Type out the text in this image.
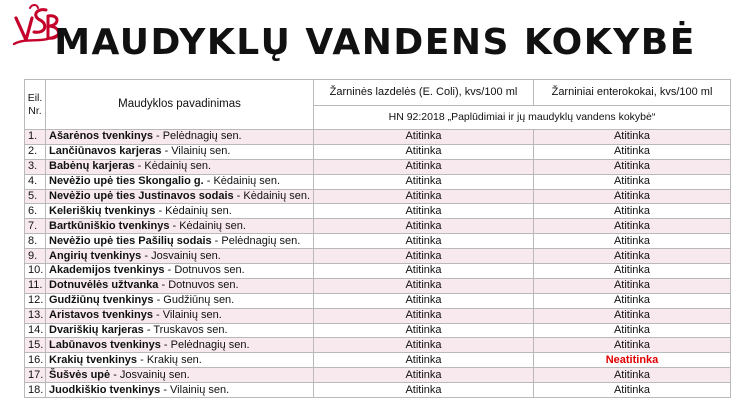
MAUDYKLŲ VANDENS KOKYBĖ
Eil.
Nr.	Maudyklos pavadinimas	Žarninės lazdelės (E. Coli), kvs/100 ml	Žarniniai enterokokai, kvs/100 ml
		HN 92:2018 „Paplūdimiai ir jų maudyklų vandens kokybė“	
1.	Ašarėnos tvenkinys - Pelėdnagių sen.	Atitinka	Atitinka
2.	Lančiūnavos karjeras - Vilainių sen.	Atitinka	Atitinka
3.	Babėnų karjeras - Kėdainių sen.	Atitinka	Atitinka
4.	Nevėžio upė ties Skongalio g. - Kėdainių sen.	Atitinka	Atitinka
5.	Nevėžio upė ties Justinavos sodais - Kėdainių sen.	Atitinka	Atitinka
6.	Keleriškių tvenkinys - Kėdainių sen.	Atitinka	Atitinka
7.	Bartkūniškio tvenkinys - Kėdainių sen.	Atitinka	Atitinka
8.	Nevėžio upė ties Pašilių sodais - Pelėdnagių sen.	Atitinka	Atitinka
9.	Angirių tvenkinys - Josvainių sen.	Atitinka	Atitinka
10.	Akademijos tvenkinys - Dotnuvos sen.	Atitinka	Atitinka
11.	Dotnuvėlės užtvanka - Dotnuvos sen.	Atitinka	Atitinka
12.	Gudžiūnų tvenkinys - Gudžiūnų sen.	Atitinka	Atitinka
13.	Aristavos tvenkinys - Vilainių sen.	Atitinka	Atitinka
14.	Dvariškių karjeras - Truskavos sen.	Atitinka	Atitinka
15.	Labūnavos tvenkinys - Pelėdnagių sen.	Atitinka	Atitinka
16.	Krakių tvenkinys - Krakių sen.	Atitinka	Neatitinka
17.	Šušvės upė - Josvainių sen.	Atitinka	Atitinka
18.	Juodkiškio tvenkinys - Vilainių sen.	Atitinka	Atitinka
